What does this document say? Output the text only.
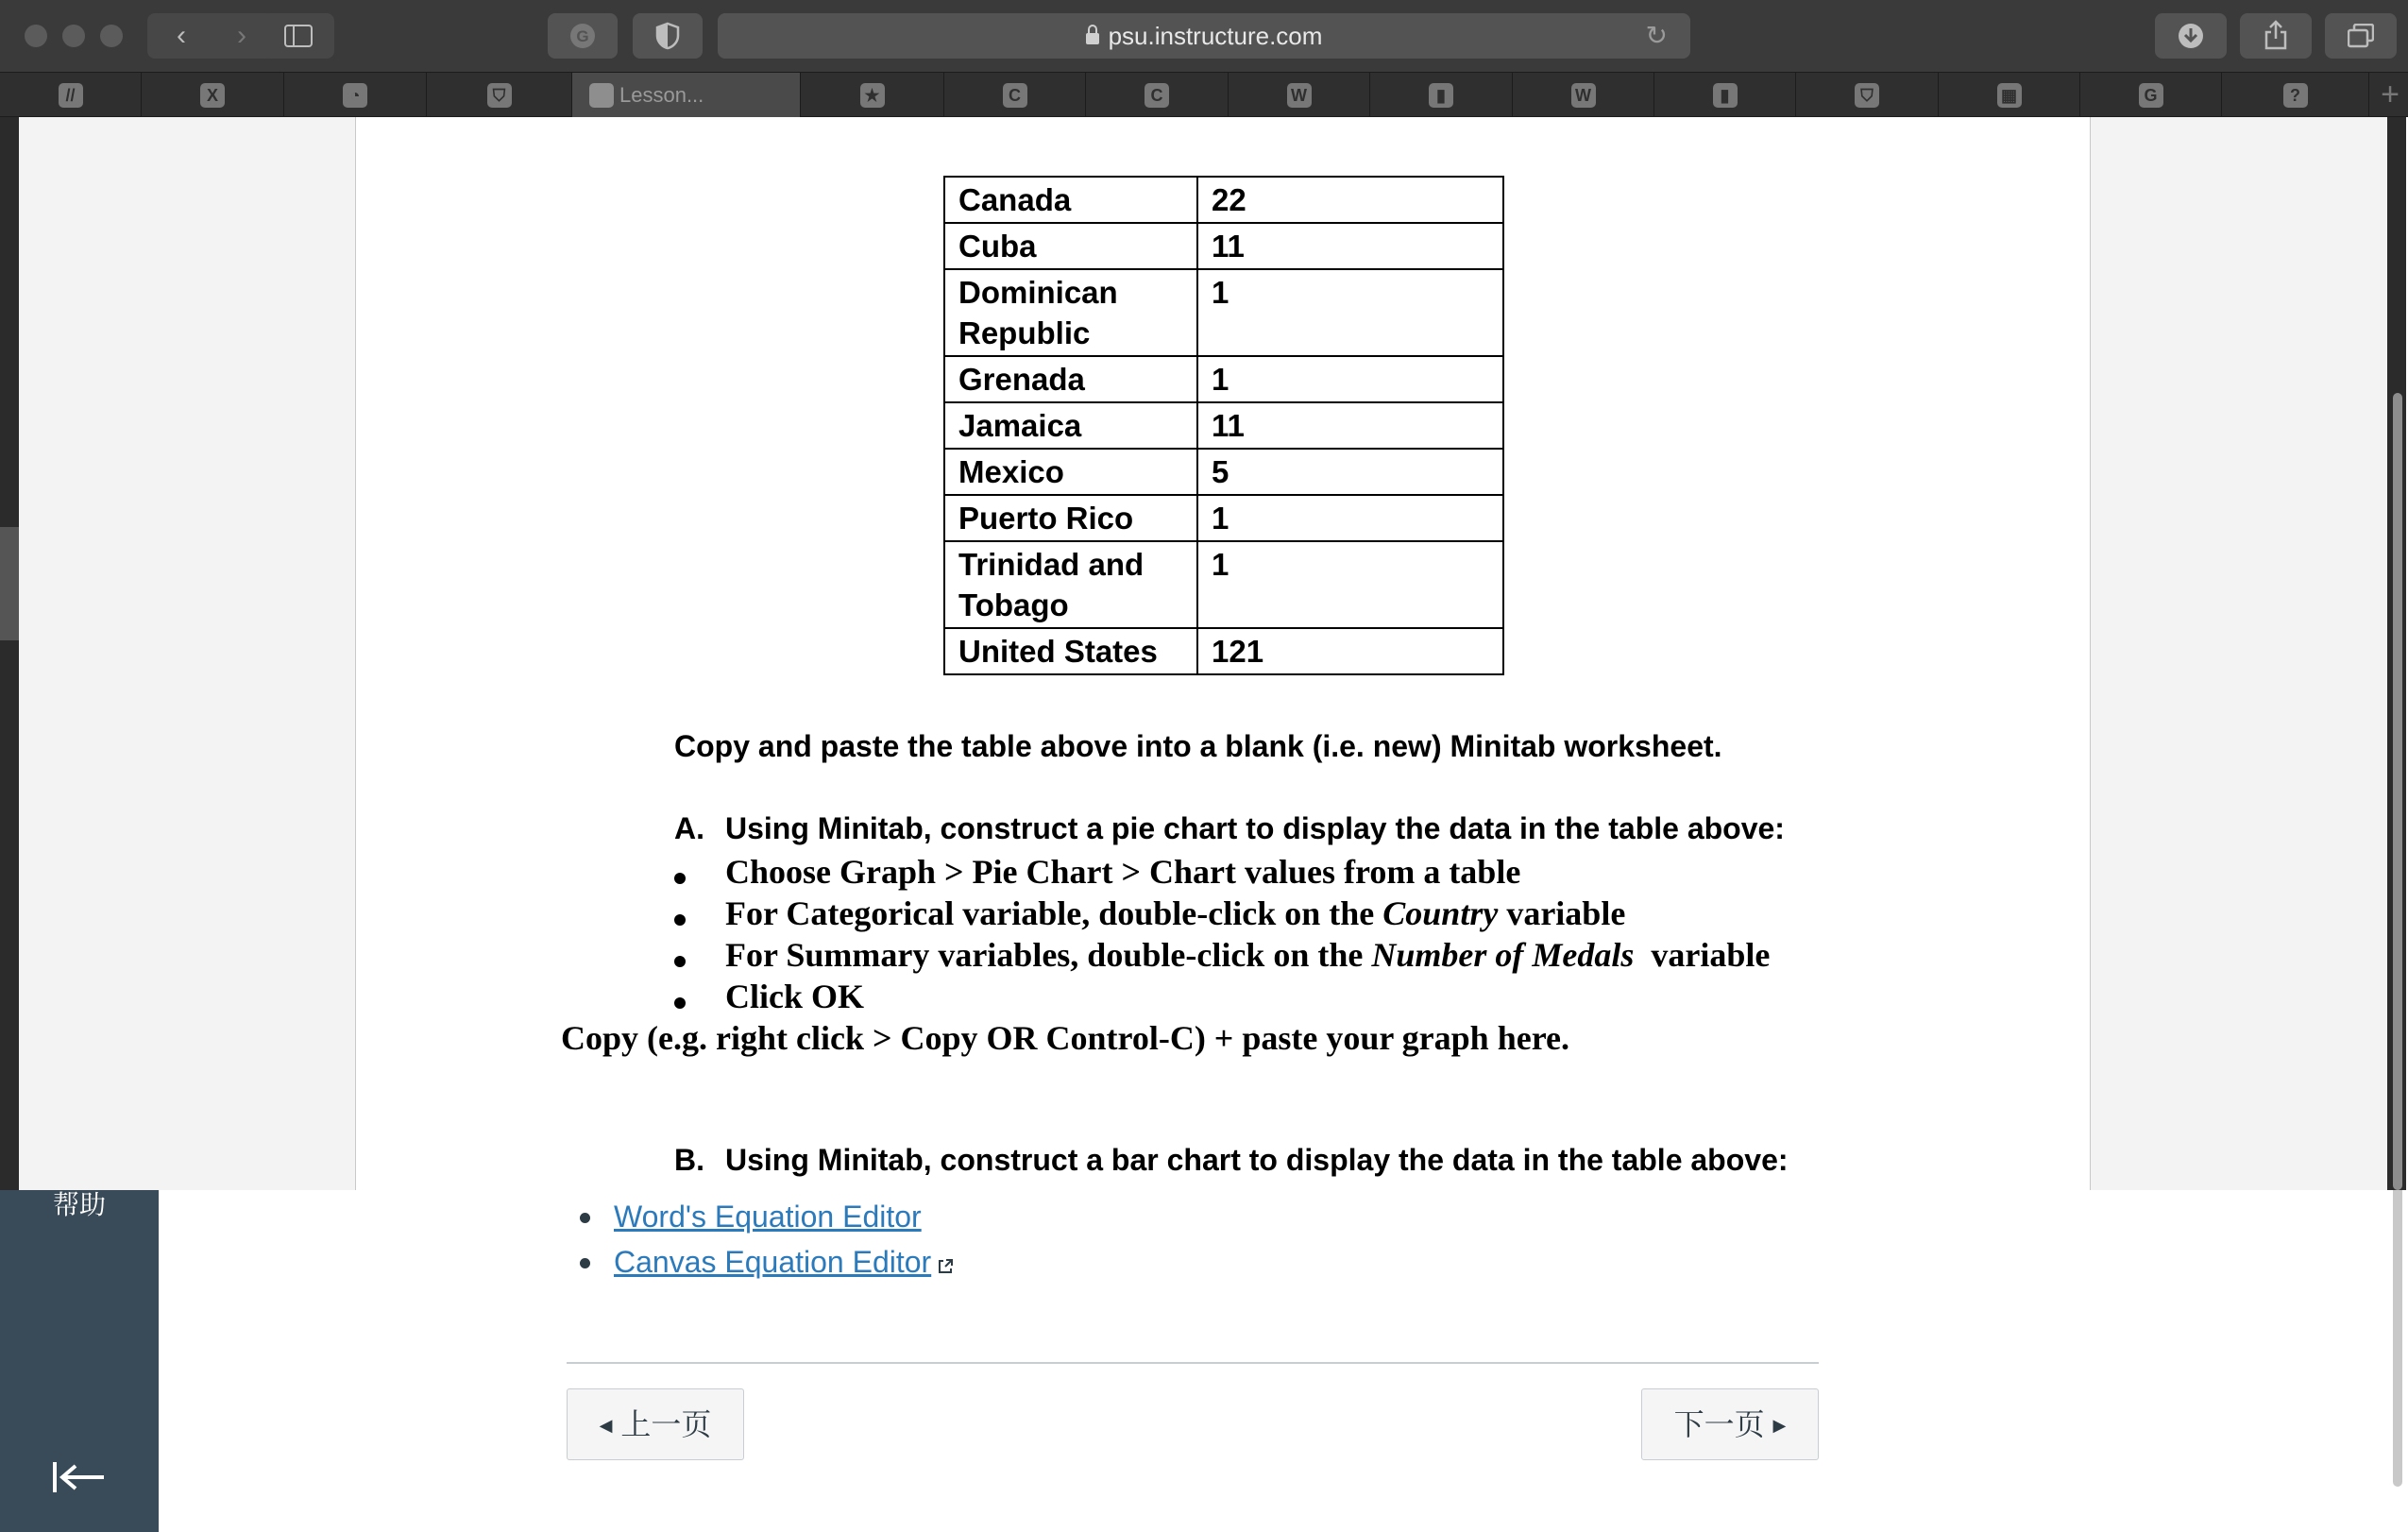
‹ ›	G	psu.instructure.com	↻
//	X	◔	⛉	Lesson...	★	C	C	W	▮	W	▮	⛉	▦	G	?	+
帮助	Word's Equation Editor
Canvas Equation Editor
◀ 上一页	下一页 ▶
Canada	22
Cuba	11
Dominican Republic	1
Grenada	1
Jamaica	11
Mexico	5
Puerto Rico	1
Trinidad and Tobago	1
United States	121
Copy and paste the table above into a blank (i.e. new) Minitab worksheet.
A. Using Minitab, construct a pie chart to display the data in the table above:
Choose Graph > Pie Chart > Chart values from a table
For Categorical variable, double-click on the Country variable
For Summary variables, double-click on the Number of Medals  variable
Click OK
Copy (e.g. right click > Copy OR Control-C) + paste your graph here.
B. Using Minitab, construct a bar chart to display the data in the table above:
